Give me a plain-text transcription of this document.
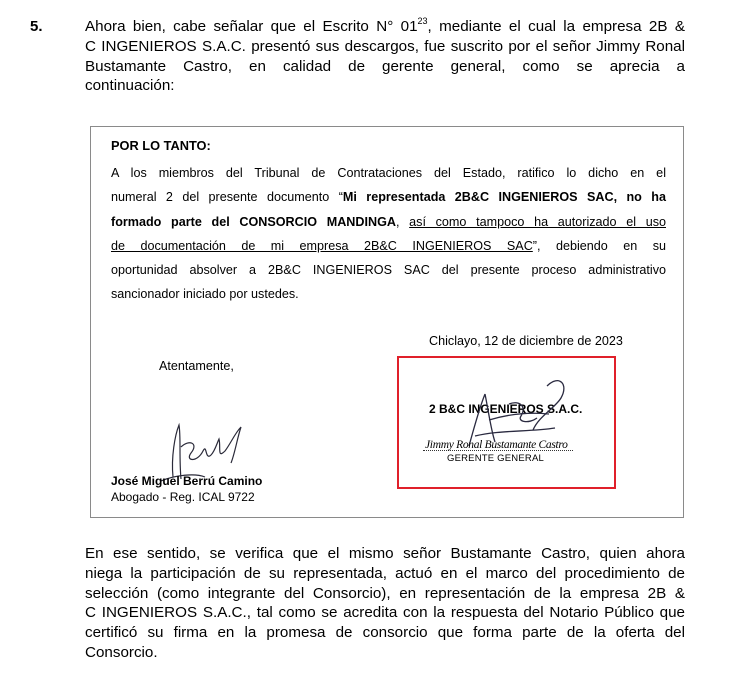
5.	Ahora bien, cabe señalar que el Escrito N° $01^{23}$, mediante el cual la empresa 2B &
C INGENIEROS S.A.C. presentó sus descargos, fue suscrito por el señor Jimmy Ronal
Bustamante Castro, en calidad de gerente general, como se aprecia a
continuación:
POR LO TANTO:
A los miembros del Tribunal de Contrataciones del Estado, ratifico lo dicho en el
numeral 2 del presente documento “Mi representada 2B&C INGENIEROS SAC, no ha
formado parte del CONSORCIO MANDINGA, así como tampoco ha autorizado el uso
de documentación de mi empresa 2B&C INGENIEROS SAC”, debiendo en su
oportunidad absolver a 2B&C INGENIEROS SAC del presente proceso administrativo
sancionador iniciado por ustedes.
Chiclayo, 12 de diciembre de 2023
Atentamente,
José Miguel Berrú Camino
Abogado - Reg. ICAL 9722
2 B&C INGENIEROS S.A.C.
Jimmy Ronal Bustamante Castro
GERENTE GENERAL
En ese sentido, se verifica que el mismo señor Bustamante Castro, quien ahora
niega la participación de su representada, actuó en el marco del procedimiento de
selección (como integrante del Consorcio), en representación de la empresa 2B &
C INGENIEROS S.A.C., tal como se acredita con la respuesta del Notario Público que
certificó su firma en la promesa de consorcio que forma parte de la oferta del
Consorcio.
